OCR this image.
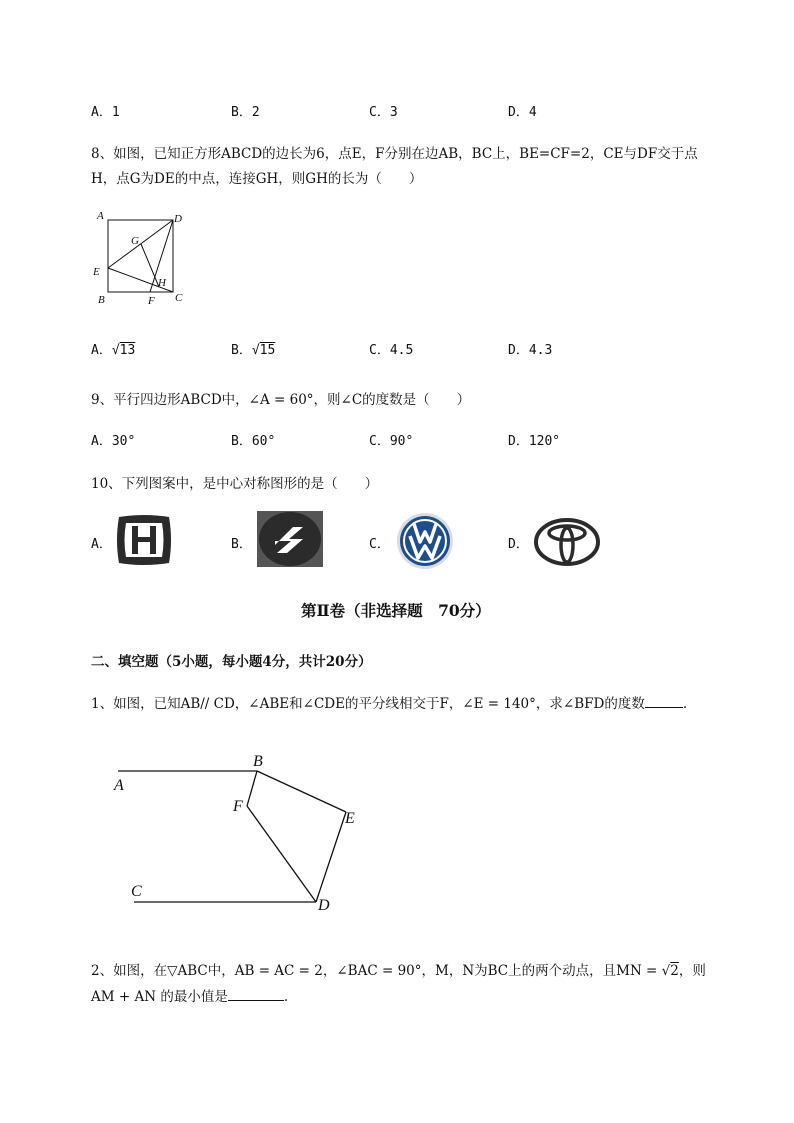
A．1	B．2	C．3	D．4
8、如图，已知正方形ABCD的边长为6，点E，F分别在边AB，BC上，BE=CF=2，CE与DF交于点
H，点G为DE的中点，连接GH，则GH的长为（　　）
A	D
G
E
H
B	F C
A．√13	B．√15	C．4.5	D．4.3
9、平行四边形ABCD中，∠A = 60°，则∠C的度数是（　　）
A．30°	B．60°	C．90°	D．120°
10、下列图案中，是中心对称图形的是（　　）
A．	B．	C．	D．
第Ⅱ卷（非选择题　70分）
二、填空题（5小题，每小题4分，共计20分）
1、如图，已知AB// CD，∠ABE和∠CDE的平分线相交于F，∠E = 140°，求∠BFD的度数	.
A
B
F
E
C
D
2、如图，在▽ABC中，AB = AC = 2，∠BAC = 90°，M，N为BC上的两个动点，且MN = √2，则
AM + AN 的最小值是	.
